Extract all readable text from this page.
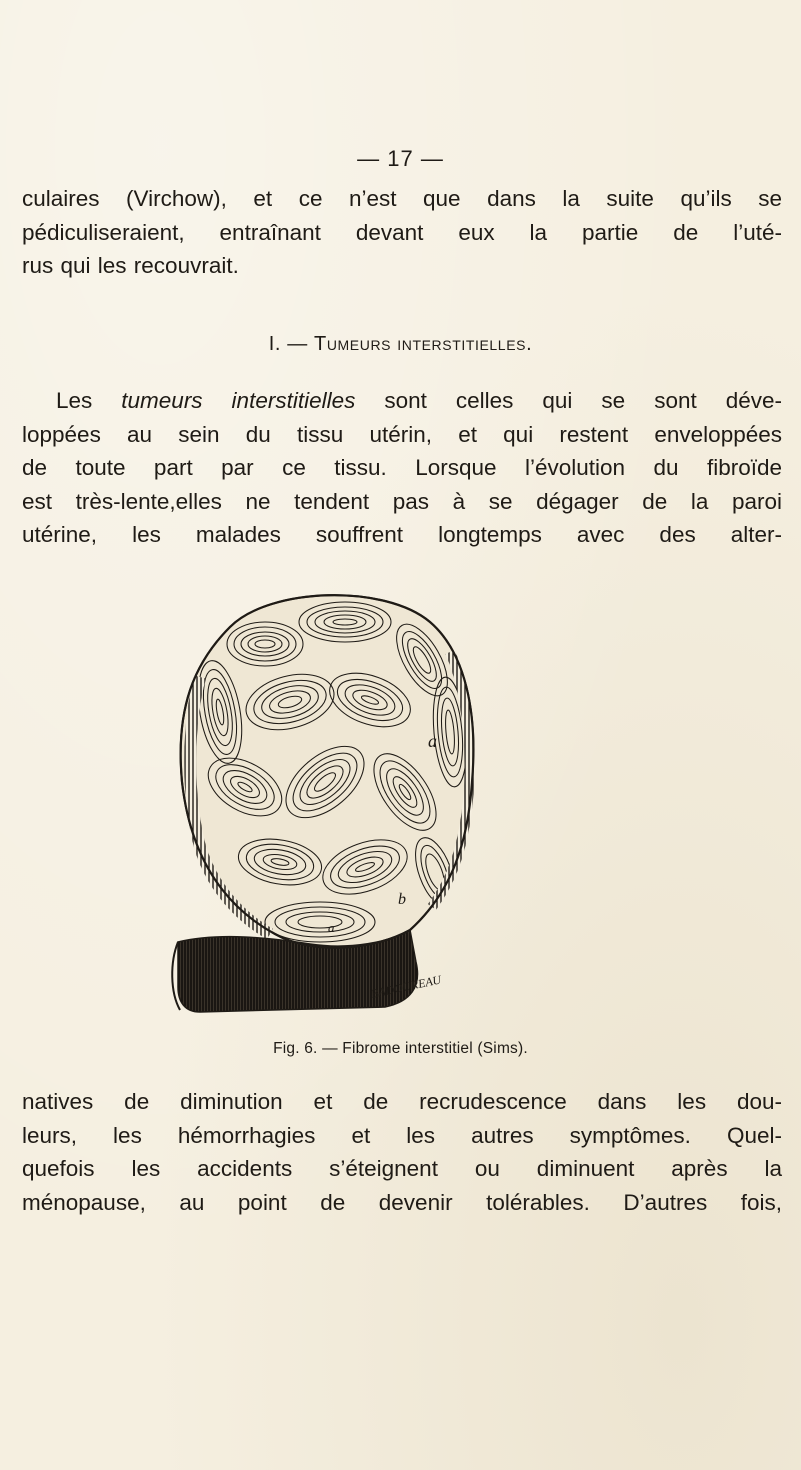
— 17 —
culaires (Virchow), et ce n’est que dans la suite qu’ils se
pédiculiseraient, entraînant devant eux la partie de l’uté-
rus qui les recouvrait.
I. — Tumeurs interstitielles.
Les tumeurs interstitielles sont celles qui se sont déve-
loppées au sein du tissu utérin, et qui restent enveloppées
de toute part par ce tissu. Lorsque l’évolution du fibroïde
est très-lente,elles ne tendent pas à se dégager de la paroi
utérine, les malades souffrent longtemps avec des alter-
a
b
a
BADOUREAU
Fig. 6. — Fibrome interstitiel (Sims).
natives de diminution et de recrudescence dans les dou-
leurs, les hémorrhagies et les autres symptômes. Quel-
quefois les accidents s’éteignent ou diminuent après la
ménopause, au point de devenir tolérables. D’autres fois,
